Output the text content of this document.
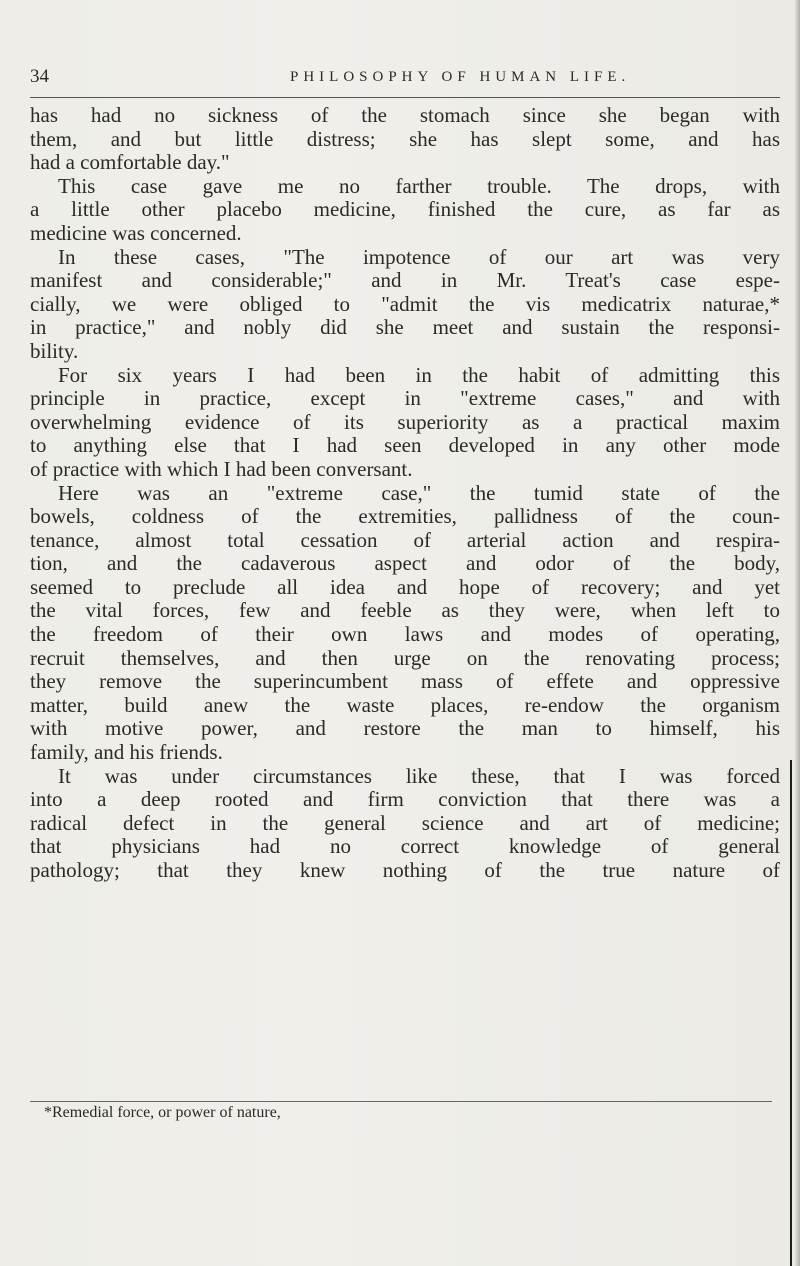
34	PHILOSOPHY OF HUMAN LIFE.
has had no sickness of the stomach since she began with
them, and but little distress; she has slept some, and has
had a comfortable day."
This case gave me no farther trouble. The drops, with
a little other placebo medicine, finished the cure, as far as
medicine was concerned.
In these cases, "The impotence of our art was very
manifest and considerable;" and in Mr. Treat's case espe-
cially, we were obliged to "admit the vis medicatrix naturae,*
in practice," and nobly did she meet and sustain the responsi-
bility.
For six years I had been in the habit of admitting this
principle in practice, except in "extreme cases," and with
overwhelming evidence of its superiority as a practical maxim
to anything else that I had seen developed in any other mode
of practice with which I had been conversant.
Here was an "extreme case," the tumid state of the
bowels, coldness of the extremities, pallidness of the coun-
tenance, almost total cessation of arterial action and respira-
tion, and the cadaverous aspect and odor of the body,
seemed to preclude all idea and hope of recovery; and yet
the vital forces, few and feeble as they were, when left to
the freedom of their own laws and modes of operating,
recruit themselves, and then urge on the renovating process;
they remove the superincumbent mass of effete and oppressive
matter, build anew the waste places, re-endow the organism
with motive power, and restore the man to himself, his
family, and his friends.
It was under circumstances like these, that I was forced
into a deep rooted and firm conviction that there was a
radical defect in the general science and art of medicine;
that physicians had no correct knowledge of general
pathology; that they knew nothing of the true nature of
*Remedial force, or power of nature,
